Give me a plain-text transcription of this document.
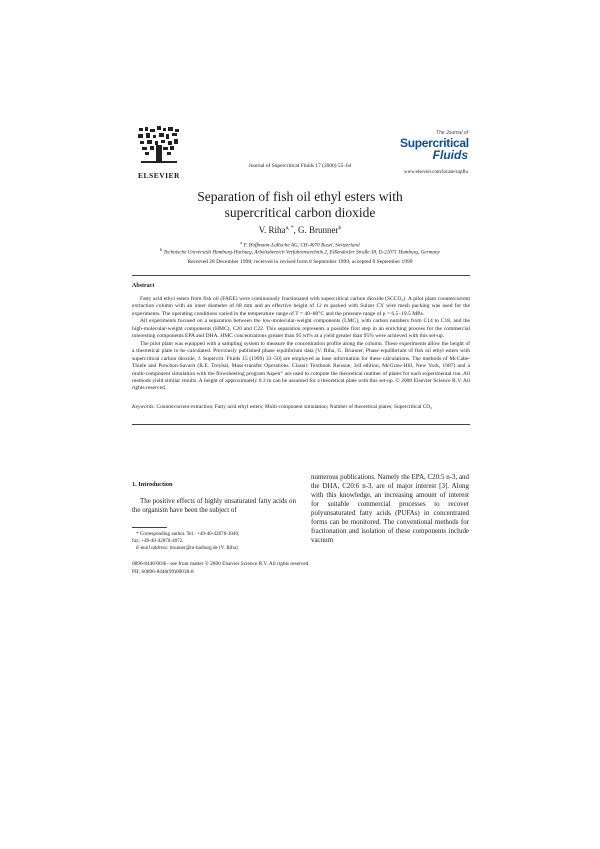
ELSEVIER
Journal of Supercritical Fluids 17 (2000) 55–64
The Journal of
Supercritical
Fluids
www.elsevier.com/locate/supflu
Separation of fish oil ethyl esters with
supercritical carbon dioxide
V. Riha$^{a, *}$, G. Brunner$^b$
$^a$ F. Hoffmann-LaRoche AG, CH-4070 Basel, Switzerland
$^b$ Technische Universität Hamburg-Harburg, Arbeitsbereich Verfahrenstechnik 2, Eißendorfer Straße 38, D-21071 Hamburg, Germany
Received 28 December 1998; received in revised form 8 September 1999; accepted 8 September 1999
Abstract

Fatty acid ethyl esters from fish oil (FAEE) were continuously fractionated with supercritical carbon dioxide (SCCO₂). A pilot plant countercurrent extraction column with an inner diameter of 68 mm and an effective height of 12 m packed with Sulzer CY wire mesh packing was used for the experiments. The operating conditions varied in the temperature range of T = 40–80°C and the pressure range of p = 6.5–19.5 MPa.

All experiments focused on a separation between the low-molecular-weight components (LMC), with carbon numbers from C14 to C18, and the high-molecular-weight components (HMC), C20 and C22. This separation represents a possible first step in an enriching process for the commercial interesting components EPA and DHA. HMC concentrations greater than 95 wt% at a yield greater than 95% were achieved with this set-up.

The pilot plant was equipped with a sampling system to measure the concentration profile along the column. These experiments allow the height of a theoretical plate to be calculated. Previously published phase equilibrium data [V. Riha, G. Brunner, Phase equilibrium of fish oil ethyl esters with supercritical carbon dioxide, J. Supercrit. Fluids 15 (1999) 33–50] are employed as base information for these calculations. The methods of McCabe-Thiele and Ponchon-Savarit (R.E. Treybal, Mass-transfer Operations. Classic Textbook Reissue, 3rd edition, McGraw-Hill, New York, 1987) and a multi-component simulation with the flowsheeting program Aspen⁺ are used to compute the theoretical number of plates for each experimental run. All methods yield similar results. A height of approximately 0.3 m can be assumed for a theoretical plate with this set-up. © 2000 Elsevier Science B.V. All rights reserved.

Keywords: Countercurrent extraction; Fatty acid ethyl esters; Multi-component simulation; Number of theoretical plates; Supercritical CO₂
1. Introduction

The positive effects of highly unsaturated fatty acids on the organism have been the subject of

numerous publications. Namely the EPA, C20:5 n-3, and the DHA, C20:6 n-3, are of major interest [3]. Along with this knowledge, an increasing amount of interest for suitable commercial processes to recover polyunsaturated fatty acids (PUFAs) in concentrated forms can be monitored. The conventional methods for fractionation and isolation of these components include vacuum

* Corresponding author. Tel.: +49-40-42878-3040;
fax: +49-40-42878-4072.
E-mail address: brunner@tu-harburg.de (V. Riha)
0896-8446/00/$ - see front matter © 2000 Elsevier Science B.V. All rights reserved.
PII: S0896-8446(99)00038-8
